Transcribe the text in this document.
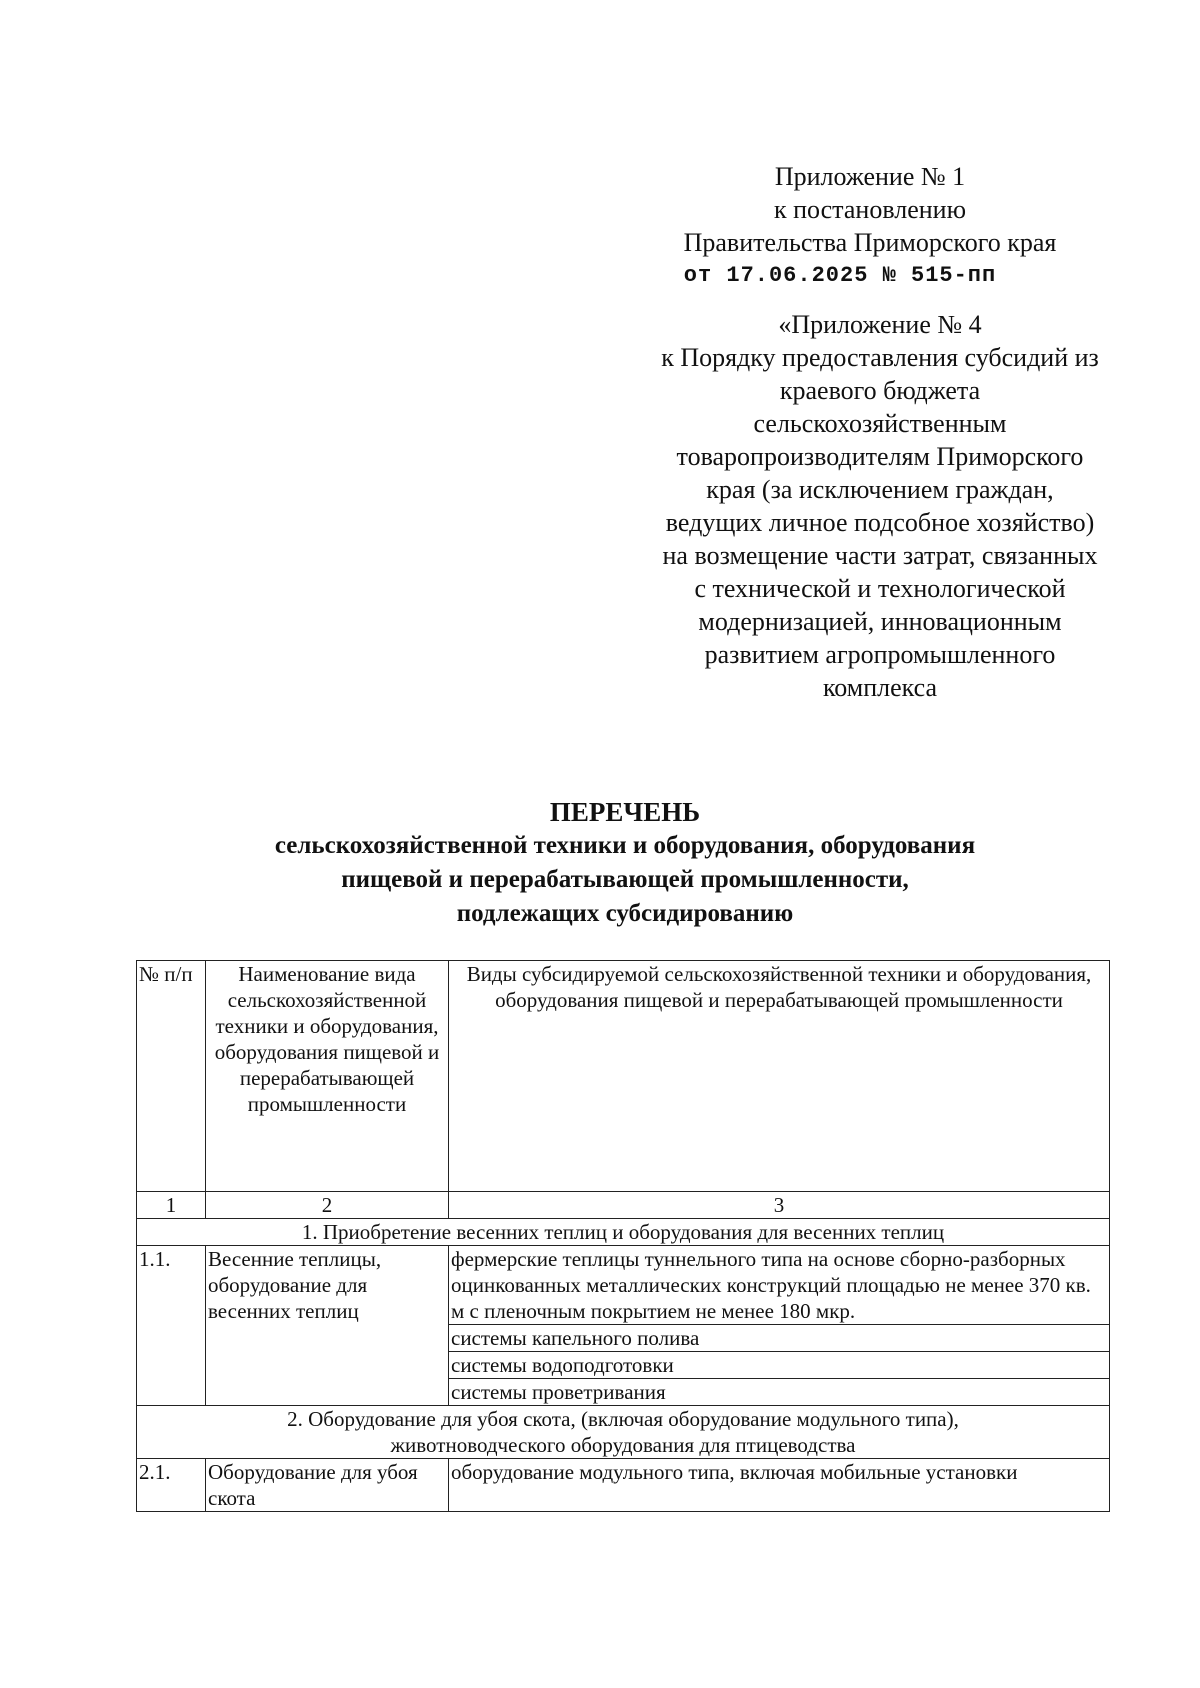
Приложение № 1
к постановлению
Правительства Приморского края
от 17.06.2025 № 515-пп
«Приложение № 4
к Порядку предоставления субсидий из
краевого бюджета
сельскохозяйственным
товаропроизводителям Приморского
края (за исключением граждан,
ведущих личное подсобное хозяйство)
на возмещение части затрат, связанных
с технической и технологической
модернизацией, инновационным
развитием агропромышленного
комплекса
ПЕРЕЧЕНЬ
сельскохозяйственной техники и оборудования, оборудования
пищевой и перерабатывающей промышленности,
подлежащих субсидированию
№ п/п	Наименование вида сельскохозяйственной техники и оборудования, оборудования пищевой и перерабатывающей промышленности	Виды субсидируемой сельскохозяйственной техники и оборудования, оборудования пищевой и перерабатывающей промышленности
1	2	3
1. Приобретение весенних теплиц и оборудования для весенних теплиц		
1.1.	Весенние теплицы, оборудование для весенних теплиц	фермерские теплицы туннельного типа на основе сборно-разборных оцинкованных металлических конструкций площадью не менее 370 кв. м с пленочным покрытием не менее 180 мкр.
		системы капельного полива
		системы водоподготовки
		системы проветривания

2. Оборудование для убоя скота, (включая оборудование модульного типа),
животноводческого оборудования для птицеводства		

2.1.	Оборудование для убоя скота	оборудование модульного типа, включая мобильные установки
